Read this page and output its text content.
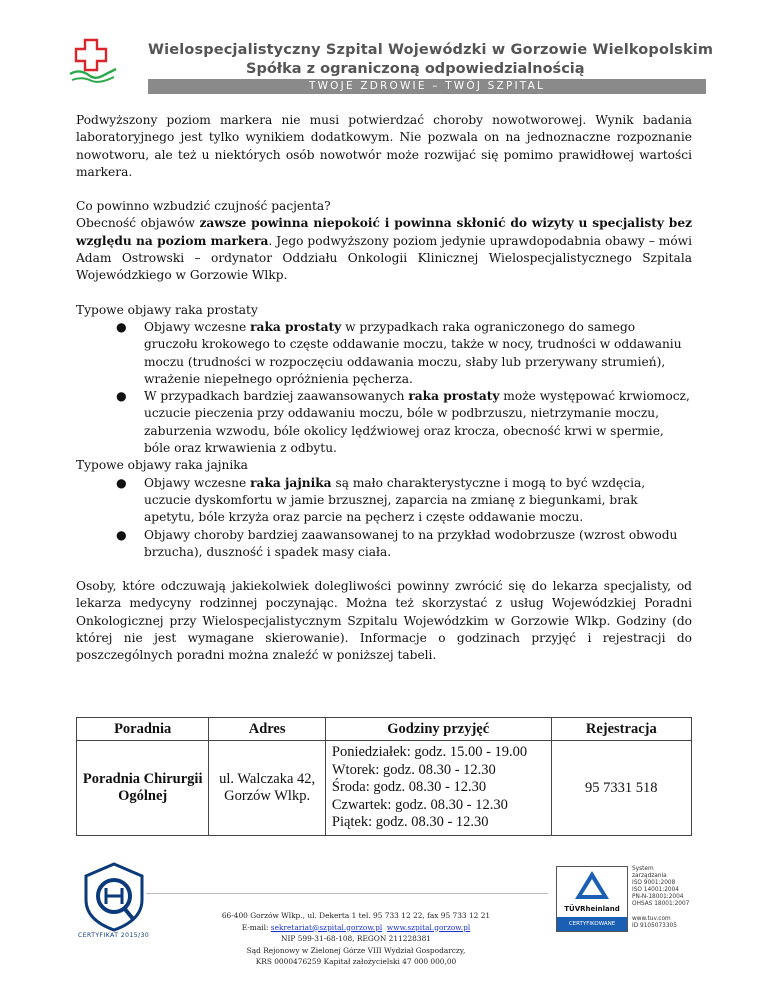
Wielospecjalistyczny Szpital Wojewódzki w Gorzowie Wielkopolskim
Spółka z ograniczoną odpowiedzialnością
TWOJE ZDROWIE – TWÓJ SZPITAL

Podwyższony poziom markera nie musi potwierdzać choroby nowotworowej. Wynik badania laboratoryjnego jest tylko wynikiem dodatkowym. Nie pozwala on na jednoznaczne rozpoznanie nowotworu, ale też u niektórych osób nowotwór może rozwijać się pomimo prawidłowej wartości markera.

Co powinno wzbudzić czujność pacjenta?

Obecność objawów zawsze powinna niepokoić i powinna skłonić do wizyty u specjalisty bez względu na poziom markera. Jego podwyższony poziom jedynie uprawdopodabnia obawy – mówi Adam Ostrowski – ordynator Oddziału Onkologii Klinicznej Wielospecjalistycznego Szpitala Wojewódzkiego w Gorzowie Wlkp.

Typowe objawy raka prostaty

● Objawy wczesne raka prostaty w przypadkach raka ograniczonego do samego gruczołu krokowego to częste oddawanie moczu, także w nocy, trudności w oddawaniu moczu (trudności w rozpoczęciu oddawania moczu, słaby lub przerywany strumień), wrażenie niepełnego opróżnienia pęcherza.
● W przypadkach bardziej zaawansowanych raka prostaty może występować krwiomocz, uczucie pieczenia przy oddawaniu moczu, bóle w podbrzuszu, nietrzymanie moczu, zaburzenia wzwodu, bóle okolicy lędźwiowej oraz krocza, obecność krwi w spermie, bóle oraz krwawienia z odbytu.

Typowe objawy raka jajnika

● Objawy wczesne raka jajnika są mało charakterystyczne i mogą to być wzdęcia, uczucie dyskomfortu w jamie brzusznej, zaparcia na zmianę z biegunkami, brak apetytu, bóle krzyża oraz parcie na pęcherz i częste oddawanie moczu.
● Objawy choroby bardziej zaawansowanej to na przykład wodobrzusze (wzrost obwodu brzucha), duszność i spadek masy ciała.

Osoby, które odczuwają jakiekolwiek dolegliwości powinny zwrócić się do lekarza specjalisty, od lekarza medycyny rodzinnej poczynając. Można też skorzystać z usług Wojewódzkiej Poradni Onkologicznej przy Wielospecjalistycznym Szpitalu Wojewódzkim w Gorzowie Wlkp. Godziny (do której nie jest wymagane skierowanie). Informacje o godzinach przyjęć i rejestracji do poszczególnych poradni można znaleźć w poniższej tabeli.

Poradnia	Adres	Godziny przyjęć	Rejestracja
Poradnia Chirurgii Ogólnej	ul. Walczaka 42, Gorzów Wlkp.	Poniedziałek: godz. 15.00 - 19.00
Wtorek: godz. 08.30 - 12.30
Środa: godz. 08.30 - 12.30
Czwartek: godz. 08.30 - 12.30
Piątek: godz. 08.30 - 12.30	95 7331 518
CERTYFIKAT 2015/30
66-400 Gorzów Wlkp., ul. Dekerta 1 tel. 95 733 12 22, fax 95 733 12 21
E-mail: sekretariat@szpital.gorzow.pl www.szpital.gorzow.pl
NIP 599-31-68-108, REGON 211228381
Sąd Rejonowy w Zielonej Górze VIII Wydział Gospodarczy,
KRS 0000476259 Kapitał założycielski 47 000 000,00
TÜVRheinland
CERTYFIKOWANE
System
zarządzania
ISO 9001:2008
ISO 14001:2004
PN-N-18001:2004
OHSAS 18001:2007
www.tuv.com
ID 9105073305
